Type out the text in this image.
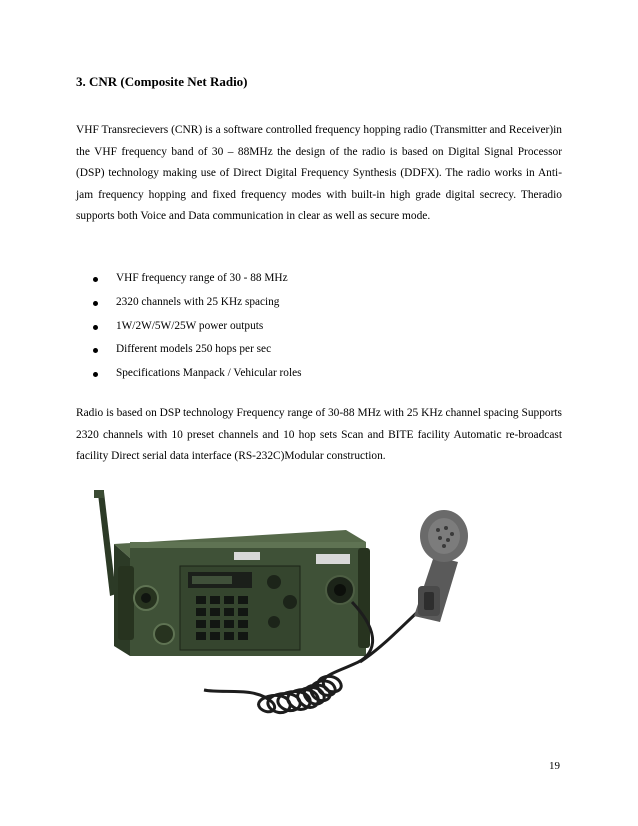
3. CNR (Composite Net Radio)
VHF Transrecievers (CNR) is a software controlled frequency hopping radio (Transmitter and Receiver)in the VHF frequency band of 30 – 88MHz the design of the radio is based on Digital Signal Processor (DSP) technology making use of Direct Digital Frequency Synthesis (DDFX). The radio works in Anti-jam frequency hopping and fixed frequency modes with built-in high grade digital secrecy. Theradio supports both Voice and Data communication in clear as well as secure mode.
VHF frequency range of 30 - 88 MHz
2320 channels with 25 KHz spacing
1W/2W/5W/25W power outputs
Different models 250 hops per sec
Specifications Manpack / Vehicular roles
Radio is based on DSP technology Frequency range of 30-88 MHz with 25 KHz channel spacing Supports 2320 channels with 10 preset channels and 10 hop sets Scan and BITE facility Automatic re-broadcast facility Direct serial data interface (RS-232C)Modular construction.
19
